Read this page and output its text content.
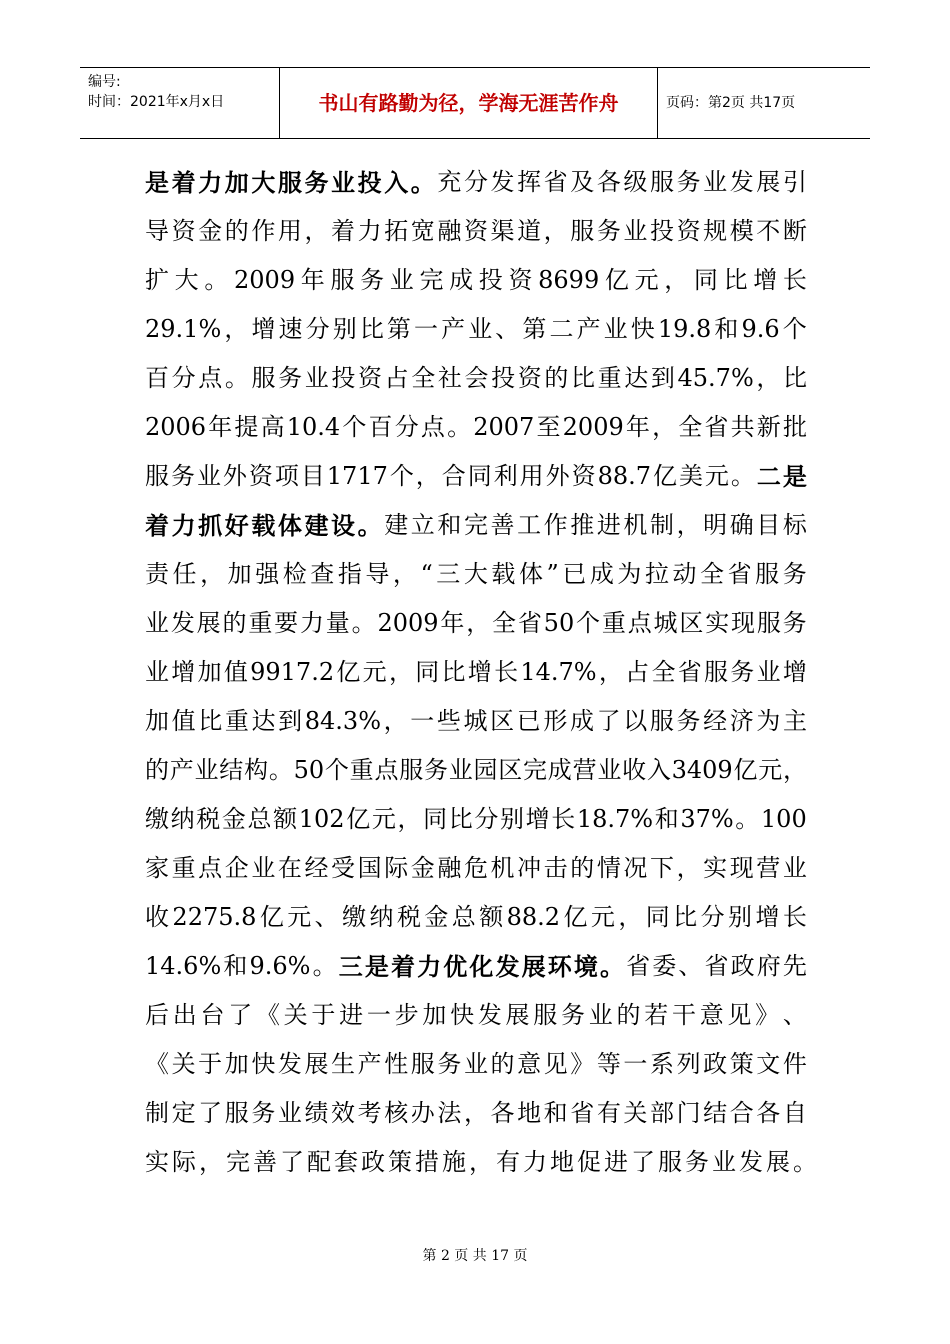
编号:
时间：2021年x月x日	书山有路勤为径，学海无涯苦作舟	页码：第2页 共17页
是 着 力 加 大 服 务 业 投 入 。 充 分 发 挥 省 及 各 级 服 务 业 发 展 引
导 资 金 的 作 用 ， 着 力 拓 宽 融 资 渠 道 ， 服 务 业 投 资 规 模 不 断
扩 大 。 2009 年 服 务 业 完 成 投 资 8699 亿 元 ， 同 比 增 长
29.1% ， 增 速 分 别 比 第 一 产 业 、 第 二 产 业 快 19.8 和 9.6 个
百 分 点 。 服 务 业 投 资 占 全 社 会 投 资 的 比 重 达 到 45.7% ， 比
2006 年 提 高 10.4 个 百 分 点 。 2007 至 2009 年 ， 全 省 共 新 批
服 务 业 外 资 项 目 1717 个 ， 合 同 利 用 外 资 88.7 亿 美 元 。 二 是
着 力 抓 好 载 体 建 设 。 建 立 和 完 善 工 作 推 进 机 制 ， 明 确 目 标
责 任 ， 加 强 检 查 指 导 ， “ 三 大 载 体 ” 已 成 为 拉 动 全 省 服 务
业 发 展 的 重 要 力 量 。 2009 年 ， 全 省 50 个 重 点 城 区 实 现 服 务
业 增 加 值 9917.2 亿 元 ， 同 比 增 长 14.7% ， 占 全 省 服 务 业 增
加 值 比 重 达 到 84.3% ， 一 些 城 区 已 形 成 了 以 服 务 经 济 为 主
的 产 业 结 构 。 50 个 重 点 服 务 业 园 区 完 成 营 业 收 入 3409 亿 元 ，
缴 纳 税 金 总 额 102 亿 元 ， 同 比 分 别 增 长 18.7% 和 37% 。 100
家 重 点 企 业 在 经 受 国 际 金 融 危 机 冲 击 的 情 况 下 ， 实 现 营 业
收 2275.8 亿 元 、 缴 纳 税 金 总 额 88.2 亿 元 ， 同 比 分 别 增 长
14.6% 和 9.6% 。 三 是 着 力 优 化 发 展 环 境 。 省 委 、 省 政 府 先
后 出 台 了 《 关 于 进 一 步 加 快 发 展 服 务 业 的 若 干 意 见 》 、
《 关 于 加 快 发 展 生 产 性 服 务 业 的 意 见 》 等 一 系 列 政 策 文 件
制 定 了 服 务 业 绩 效 考 核 办 法 ， 各 地 和 省 有 关 部 门 结 合 各 自
实 际 ， 完 善 了 配 套 政 策 措 施 ， 有 力 地 促 进 了 服 务 业 发 展 。
第 2 页 共 17 页
